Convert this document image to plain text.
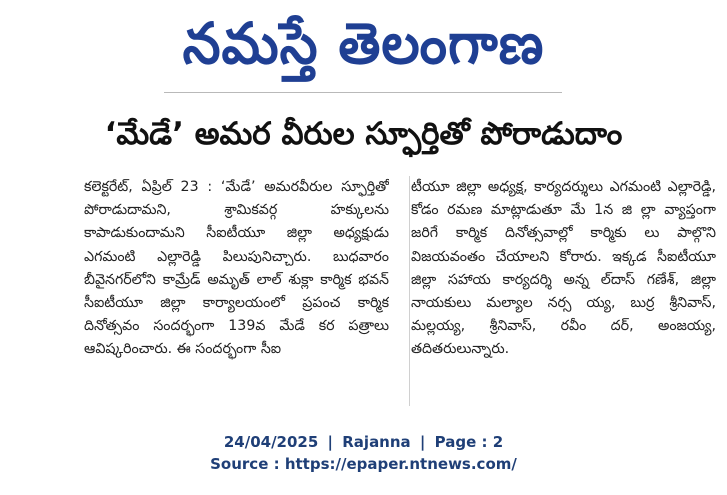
నమస్తే తెలంగాణ
‘మేడే’ అమర వీరుల స్ఫూర్తితో పోరాడుదాం

కలెక్టరేట్, ఏప్రిల్ 23 : ‘మేడే’ అమరవీరుల స్ఫూర్తితో పోరాడుదామని, శ్రామికవర్గ హక్కులను కాపాడుకుందామని సీఐటీయూ జిల్లా అధ్యక్షుడు ఎగమంటి ఎల్లారెడ్డి పిలుపునిచ్చారు. బుధవారం బీవైనగర్‌లోని కామ్రేడ్ అమృత్ లాల్ శుక్లా కార్మిక భవన్ సీఐటీయూ జిల్లా కార్యాలయంలో ప్రపంచ కార్మిక దినోత్సవం సందర్భంగా 139వ మేడే కర పత్రాలు ఆవిష్కరించారు. ఈ సందర్భంగా సీఐ

టీయూ జిల్లా అధ్యక్ష, కార్యదర్శులు ఎగమంటి ఎల్లారెడ్డి, కోడం రమణ మాట్లాడుతూ మే 1న జి ల్లా వ్యాప్తంగా జరిగే కార్మిక దినోత్సవాల్లో కార్మికు లు పాల్గొని విజయవంతం చేయాలని కోరారు. ఇక్కడ సీఐటీయూ జిల్లా సహాయ కార్యదర్శి అన్న ల్‌దాస్ గణేశ్, జిల్లా నాయకులు మల్యాల నర్స య్య, బుర్ర శ్రీనివాస్, మల్లయ్య, శ్రీనివాస్, రవీం దర్, అంజయ్య, తదితరులున్నారు.

24/04/2025 | Rajanna | Page : 2
Source : https://epaper.ntnews.com/
